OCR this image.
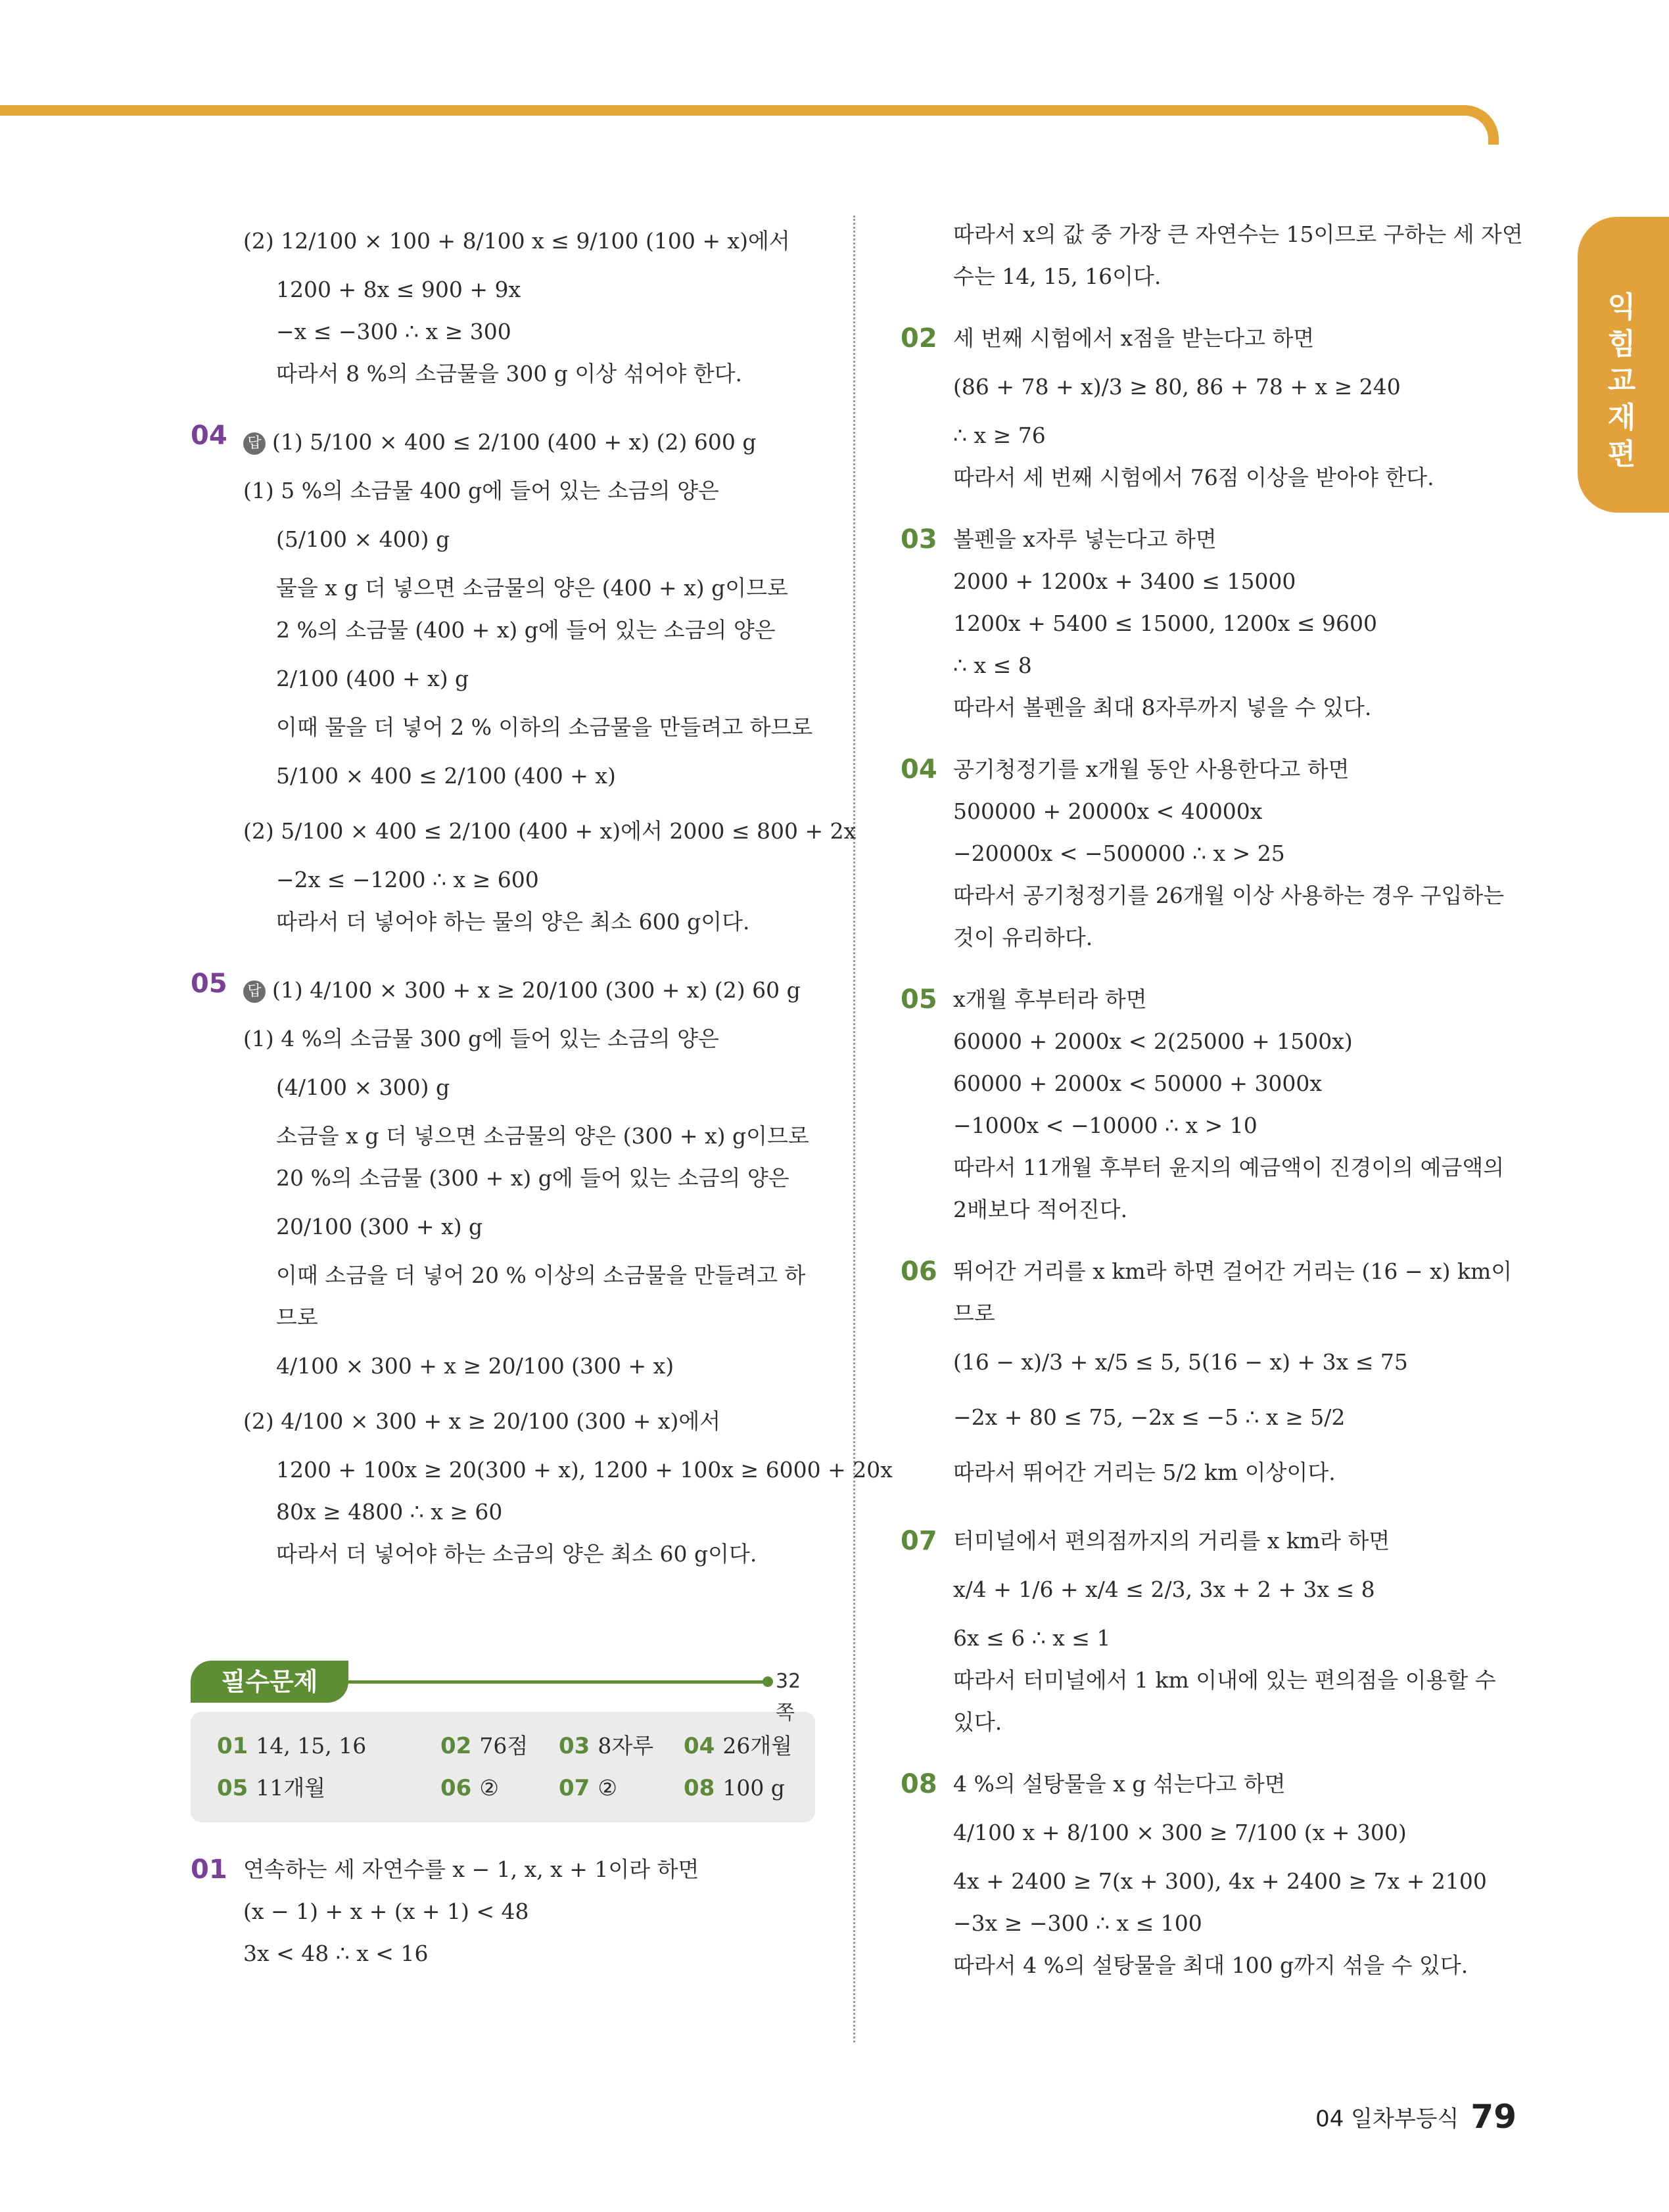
익
힘
교
재
편
(2) 12/100 × 100 + 8/100 x ≤ 9/100 (100 + x)에서
1200 + 8x ≤ 900 + 9x
−x ≤ −300 ∴ x ≥ 300
따라서 8 %의 소금물을 300 g 이상 섞어야 한다.
04 답 (1) 5/100 × 400 ≤ 2/100 (400 + x) (2) 600 g
(1) 5 %의 소금물 400 g에 들어 있는 소금의 양은
(5/100 × 400) g
물을 x g 더 넣으면 소금물의 양은 (400 + x) g이므로
2 %의 소금물 (400 + x) g에 들어 있는 소금의 양은
2/100 (400 + x) g
이때 물을 더 넣어 2 % 이하의 소금물을 만들려고 하므로
5/100 × 400 ≤ 2/100 (400 + x)
(2) 5/100 × 400 ≤ 2/100 (400 + x)에서 2000 ≤ 800 + 2x
−2x ≤ −1200 ∴ x ≥ 600
따라서 더 넣어야 하는 물의 양은 최소 600 g이다.
05 답 (1) 4/100 × 300 + x ≥ 20/100 (300 + x) (2) 60 g
(1) 4 %의 소금물 300 g에 들어 있는 소금의 양은
(4/100 × 300) g
소금을 x g 더 넣으면 소금물의 양은 (300 + x) g이므로
20 %의 소금물 (300 + x) g에 들어 있는 소금의 양은
20/100 (300 + x) g
이때 소금을 더 넣어 20 % 이상의 소금물을 만들려고 하
므로
4/100 × 300 + x ≥ 20/100 (300 + x)
(2) 4/100 × 300 + x ≥ 20/100 (300 + x)에서
1200 + 100x ≥ 20(300 + x), 1200 + 100x ≥ 6000 + 20x
80x ≥ 4800 ∴ x ≥ 60
따라서 더 넣어야 하는 소금의 양은 최소 60 g이다.
필수문제	32쪽
01 14, 15, 16	02 76점 03 8자루 04 26개월
05 11개월	06 ②	07 ②	08 100 g
01 연속하는 세 자연수를 x − 1, x, x + 1이라 하면
(x − 1) + x + (x + 1) < 48
3x < 48 ∴ x < 16
따라서 x의 값 중 가장 큰 자연수는 15이므로 구하는 세 자연
수는 14, 15, 16이다.
02 세 번째 시험에서 x점을 받는다고 하면
(86 + 78 + x)/3 ≥ 80, 86 + 78 + x ≥ 240
∴ x ≥ 76
따라서 세 번째 시험에서 76점 이상을 받아야 한다.
03 볼펜을 x자루 넣는다고 하면
2000 + 1200x + 3400 ≤ 15000
1200x + 5400 ≤ 15000, 1200x ≤ 9600
∴ x ≤ 8
따라서 볼펜을 최대 8자루까지 넣을 수 있다.
04 공기청정기를 x개월 동안 사용한다고 하면
500000 + 20000x < 40000x
−20000x < −500000 ∴ x > 25
따라서 공기청정기를 26개월 이상 사용하는 경우 구입하는
것이 유리하다.
05 x개월 후부터라 하면
60000 + 2000x < 2(25000 + 1500x)
60000 + 2000x < 50000 + 3000x
−1000x < −10000 ∴ x > 10
따라서 11개월 후부터 윤지의 예금액이 진경이의 예금액의
2배보다 적어진다.
06 뛰어간 거리를 x km라 하면 걸어간 거리는 (16 − x) km이
므로
(16 − x)/3 + x/5 ≤ 5, 5(16 − x) + 3x ≤ 75
−2x + 80 ≤ 75, −2x ≤ −5 ∴ x ≥ 5/2
따라서 뛰어간 거리는 5/2 km 이상이다.
07 터미널에서 편의점까지의 거리를 x km라 하면
x/4 + 1/6 + x/4 ≤ 2/3, 3x + 2 + 3x ≤ 8
6x ≤ 6 ∴ x ≤ 1
따라서 터미널에서 1 km 이내에 있는 편의점을 이용할 수
있다.
08 4 %의 설탕물을 x g 섞는다고 하면
4/100 x + 8/100 × 300 ≥ 7/100 (x + 300)
4x + 2400 ≥ 7(x + 300), 4x + 2400 ≥ 7x + 2100
−3x ≥ −300 ∴ x ≤ 100
따라서 4 %의 설탕물을 최대 100 g까지 섞을 수 있다.
04 일차부등식 79
